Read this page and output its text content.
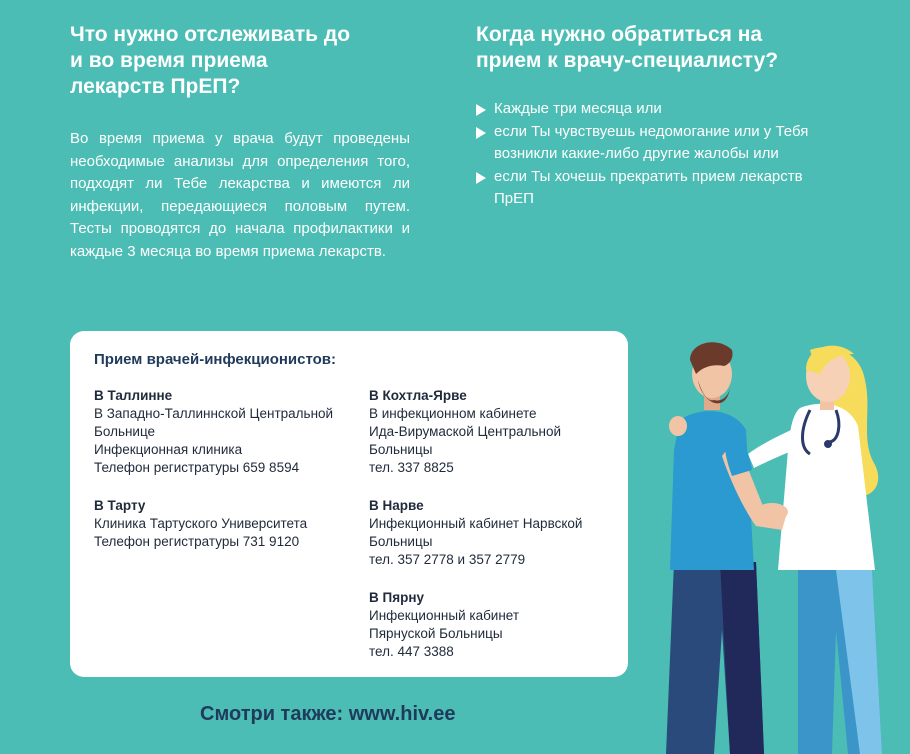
Что нужно отслеживать до
и во время приема
лекарств ПрЕП?

Во время приема у врача будут проведены необходимые анализы для определения того, подходят ли Тебе лекарства и имеются ли инфекции, передающиеся половым путем. Тесты проводятся до начала профилактики и каждые 3 месяца во время приема лекарств.

Когда нужно обратиться на
прием к врачу-специалисту?
Каждые три месяца или
если Ты чувствуешь недомогание или у Тебя возникли какие-либо другие жалобы или
если Ты хочешь прекратить прием лекарств ПрЕП
Прием врачей-инфекционистов:
В Таллинне
В Западно-Таллиннской Центральной
Больнице
Инфекционная клиника
Телефон регистратуры 659 8594
В Тарту
Клиника Тартуского Университета
Телефон регистратуры 731 9120
В Кохтла-Ярве
В инфекционном кабинете
Ида-Вирумаской Центральной
Больницы
тел. 337 8825
В Нарве
Инфекционный кабинет Нарвской
Больницы
тел. 357 2778 и 357 2779
В Пярну
Инфекционный кабинет
Пярнуской Больницы
тел. 447 3388

Смотри также: www.hiv.ee
